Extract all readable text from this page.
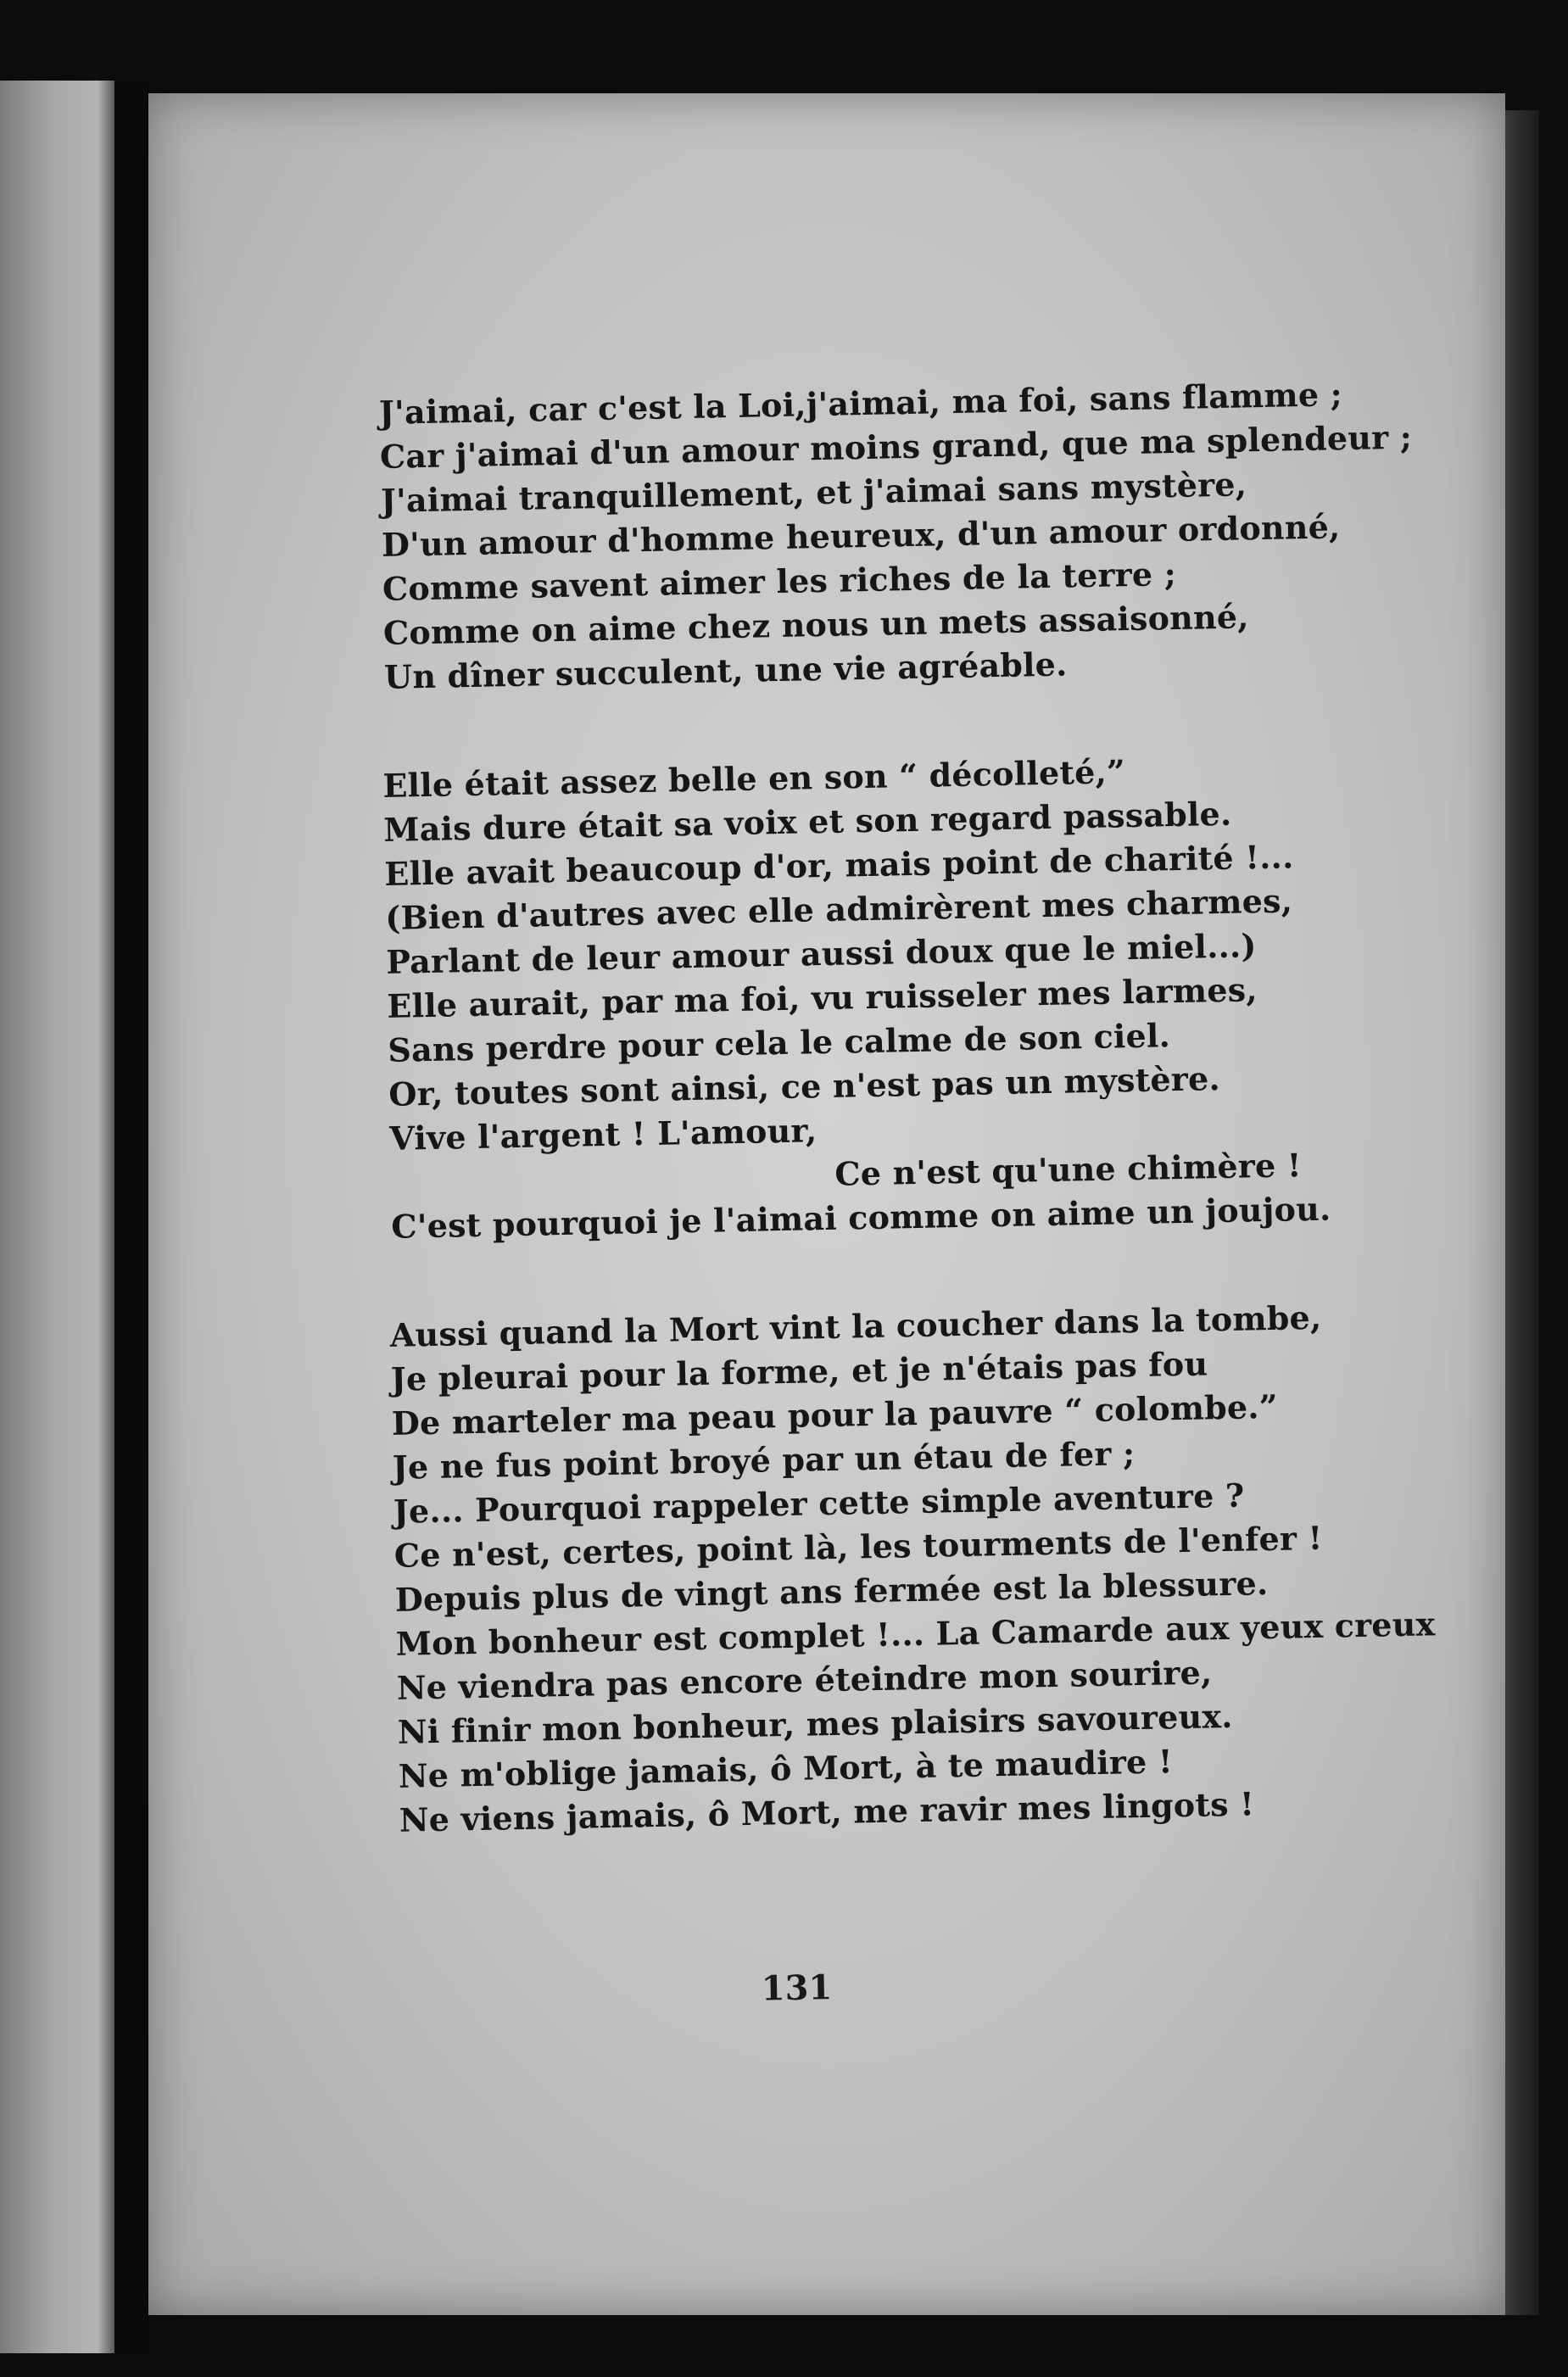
J'aimai, car c'est la Loi,j'aimai, ma foi, sans flamme ;
Car j'aimai d'un amour moins grand, que ma splendeur ;
J'aimai tranquillement, et j'aimai sans mystère,
D'un amour d'homme heureux, d'un amour ordonné,
Comme savent aimer les riches de la terre ;
Comme on aime chez nous un mets assaisonné,
Un dîner succulent, une vie agréable.
Elle était assez belle en son “ décolleté,”
Mais dure était sa voix et son regard passable.
Elle avait beaucoup d'or, mais point de charité !...
(Bien d'autres avec elle admirèrent mes charmes,
Parlant de leur amour aussi doux que le miel...)
Elle aurait, par ma foi, vu ruisseler mes larmes,
Sans perdre pour cela le calme de son ciel.
Or, toutes sont ainsi, ce n'est pas un mystère.
Vive l'argent ! L'amour,
Ce n'est qu'une chimère !
C'est pourquoi je l'aimai comme on aime un joujou.
Aussi quand la Mort vint la coucher dans la tombe,
Je pleurai pour la forme, et je n'étais pas fou
De marteler ma peau pour la pauvre “ colombe.”
Je ne fus point broyé par un étau de fer ;
Je... Pourquoi rappeler cette simple aventure ?
Ce n'est, certes, point là, les tourments de l'enfer !
Depuis plus de vingt ans fermée est la blessure.
Mon bonheur est complet !... La Camarde aux yeux creux
Ne viendra pas encore éteindre mon sourire,
Ni finir mon bonheur, mes plaisirs savoureux.
Ne m'oblige jamais, ô Mort, à te maudire !
Ne viens jamais, ô Mort, me ravir mes lingots !
131
